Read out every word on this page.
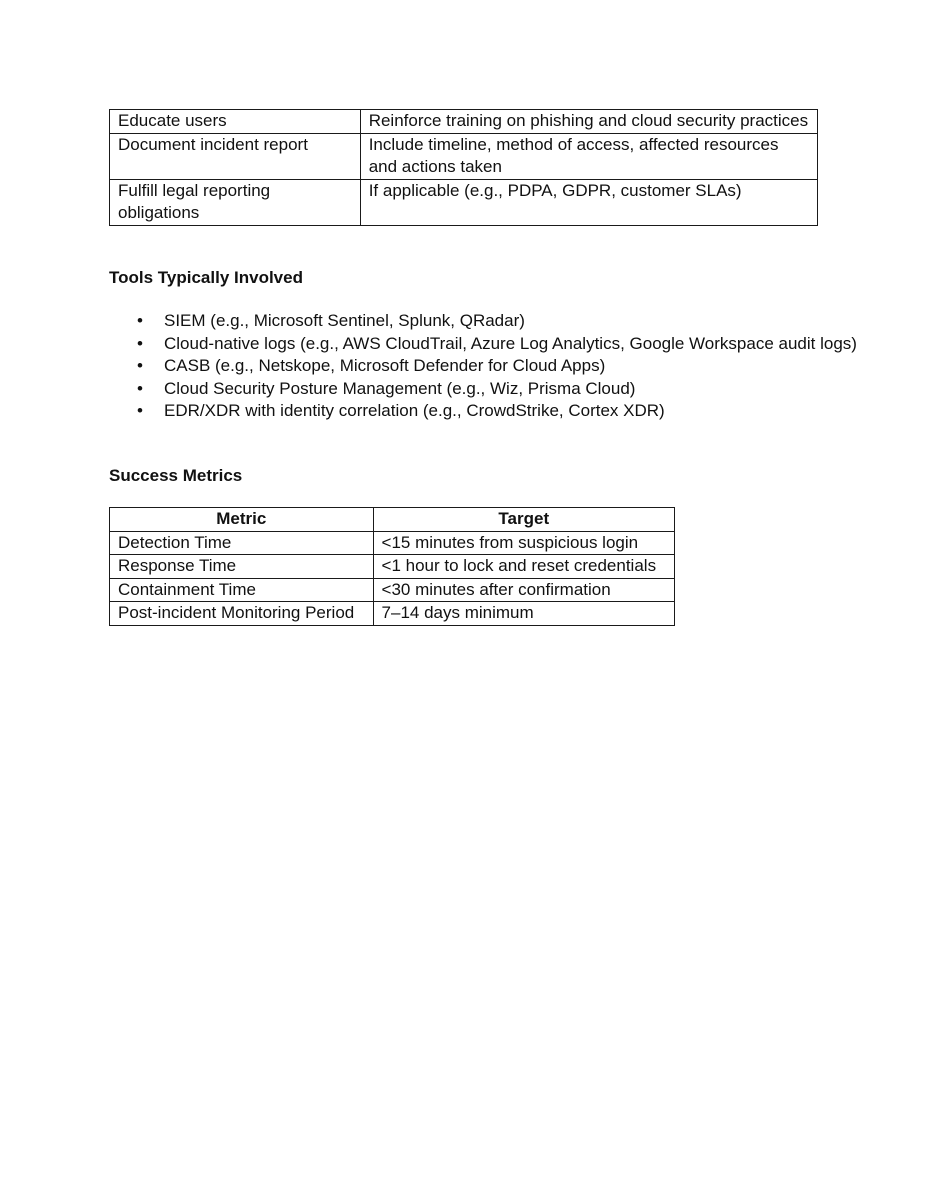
Educate users	Reinforce training on phishing and cloud security practices
Document incident report	Include timeline, method of access, affected resources and actions taken
Fulfill legal reporting obligations	If applicable (e.g., PDPA, GDPR, customer SLAs)
Tools Typically Involved
• SIEM (e.g., Microsoft Sentinel, Splunk, QRadar)
• Cloud-native logs (e.g., AWS CloudTrail, Azure Log Analytics, Google Workspace audit logs)
• CASB (e.g., Netskope, Microsoft Defender for Cloud Apps)
• Cloud Security Posture Management (e.g., Wiz, Prisma Cloud)
• EDR/XDR with identity correlation (e.g., CrowdStrike, Cortex XDR)
Success Metrics
Metric	Target
Detection Time	<15 minutes from suspicious login
Response Time	<1 hour to lock and reset credentials
Containment Time	<30 minutes after confirmation
Post-incident Monitoring Period	7–14 days minimum
